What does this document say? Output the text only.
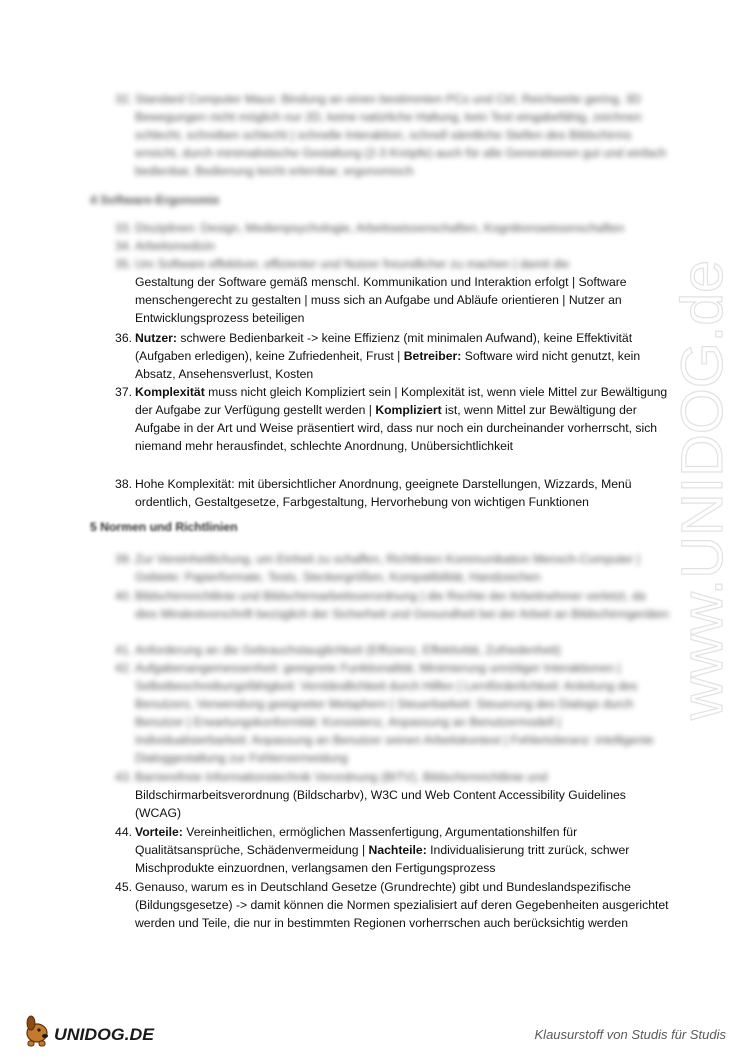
32. Standard Computer Maus: Bindung an einen bestimmten PCs und Ctrl, Reichweite gering, 3D Bewegungen nicht möglich nur 2D, keine natürliche Haltung, kein Text eingabefähig, zeichnen schlecht, schreiben schlecht | schnelle Interaktion, schnell sämtliche Stellen des Bildschirms erreicht, durch minimalistische Gestaltung (2-3 Knöpfe) auch für alle Generationen gut und einfach bedienbar, Bedienung leicht erlernbar, ergonomisch
4 Software-Ergonomie
33. Disziplinen: Design, Medienpsychologie, Arbeitswissenschaften, Kognitionswissenschaften
34. Arbeitsmedizin
35. Um Software effektiver, effizienter und Nutzer freundlicher zu machen | damit die
Gestaltung der Software gemäß menschl. Kommunikation und Interaktion erfolgt | Software menschengerecht zu gestalten | muss sich an Aufgabe und Abläufe orientieren | Nutzer an Entwicklungsprozess beteiligen
36. Nutzer: schwere Bedienbarkeit -> keine Effizienz (mit minimalen Aufwand), keine Effektivität (Aufgaben erledigen), keine Zufriedenheit, Frust | Betreiber: Software wird nicht genutzt, kein Absatz, Ansehensverlust, Kosten
37. Komplexität muss nicht gleich Kompliziert sein | Komplexität ist, wenn viele Mittel zur Bewältigung der Aufgabe zur Verfügung gestellt werden | Kompliziert ist, wenn Mittel zur Bewältigung der Aufgabe in der Art und Weise präsentiert wird, dass nur noch ein durcheinander vorherrscht, sich niemand mehr herausfindet, schlechte Anordnung, Unübersichtlichkeit
38. Hohe Komplexität: mit übersichtlicher Anordnung, geeignete Darstellungen, Wizzards, Menü ordentlich, Gestaltgesetze, Farbgestaltung, Hervorhebung von wichtigen Funktionen
5 Normen und Richtlinien
39. Zur Vereinheitlichung, um Einheit zu schaffen, Richtlinien Kommunikation Mensch-Computer | Gebiete: Papierformate, Tests, Steckergrößen, Kompatibilität, Handzeichen
40. Bildschirmrichtlinie und Bildschirmarbeitsverordnung | die Rechte der Arbeitnehmer verletzt, da dies Mindestvorschrift bezüglich der Sicherheit und Gesundheit bei der Arbeit an Bildschirmgeräten
41. Anforderung an die Gebrauchstauglichkeit (Effizienz, Effektivität, Zufriedenheit)
42. Aufgabenangemessenheit: geeignete Funktionalität, Minimierung unnötiger Interaktionen | Selbstbeschreibungsfähigkeit: Verständlichkeit durch Hilfen | Lernförderlichkeit: Anleitung des Benutzers, Verwendung geeigneter Metaphern | Steuerbarkeit: Steuerung des Dialogs durch Benutzer | Erwartungskonformität: Konsistenz, Anpassung an Benutzermodell | Individualisierbarkeit: Anpassung an Benutzer seinen Arbeitskontext | Fehlertoleranz: intelligente Dialoggestaltung zur Fehlervermeidung
43. Barrierefreie Informationstechnik Verordnung (BITV), Bildschirmrichtlinie und
Bildschirmarbeitsverordnung (Bildscharbv), W3C und Web Content Accessibility Guidelines (WCAG)
44. Vorteile: Vereinheitlichen, ermöglichen Massenfertigung, Argumentationshilfen für Qualitätsansprüche, Schädenvermeidung | Nachteile: Individualisierung tritt zurück, schwer Mischprodukte einzuordnen, verlangsamen den Fertigungsprozess
45. Genauso, warum es in Deutschland Gesetze (Grundrechte) gibt und Bundeslandspezifische (Bildungsgesetze) -> damit können die Normen spezialisiert auf deren Gegebenheiten ausgerichtet werden und Teile, die nur in bestimmten Regionen vorherrschen auch berücksichtig werden
www.UNIDOG.de
UNIDOG.DE	Klausurstoff von Studis für Studis
